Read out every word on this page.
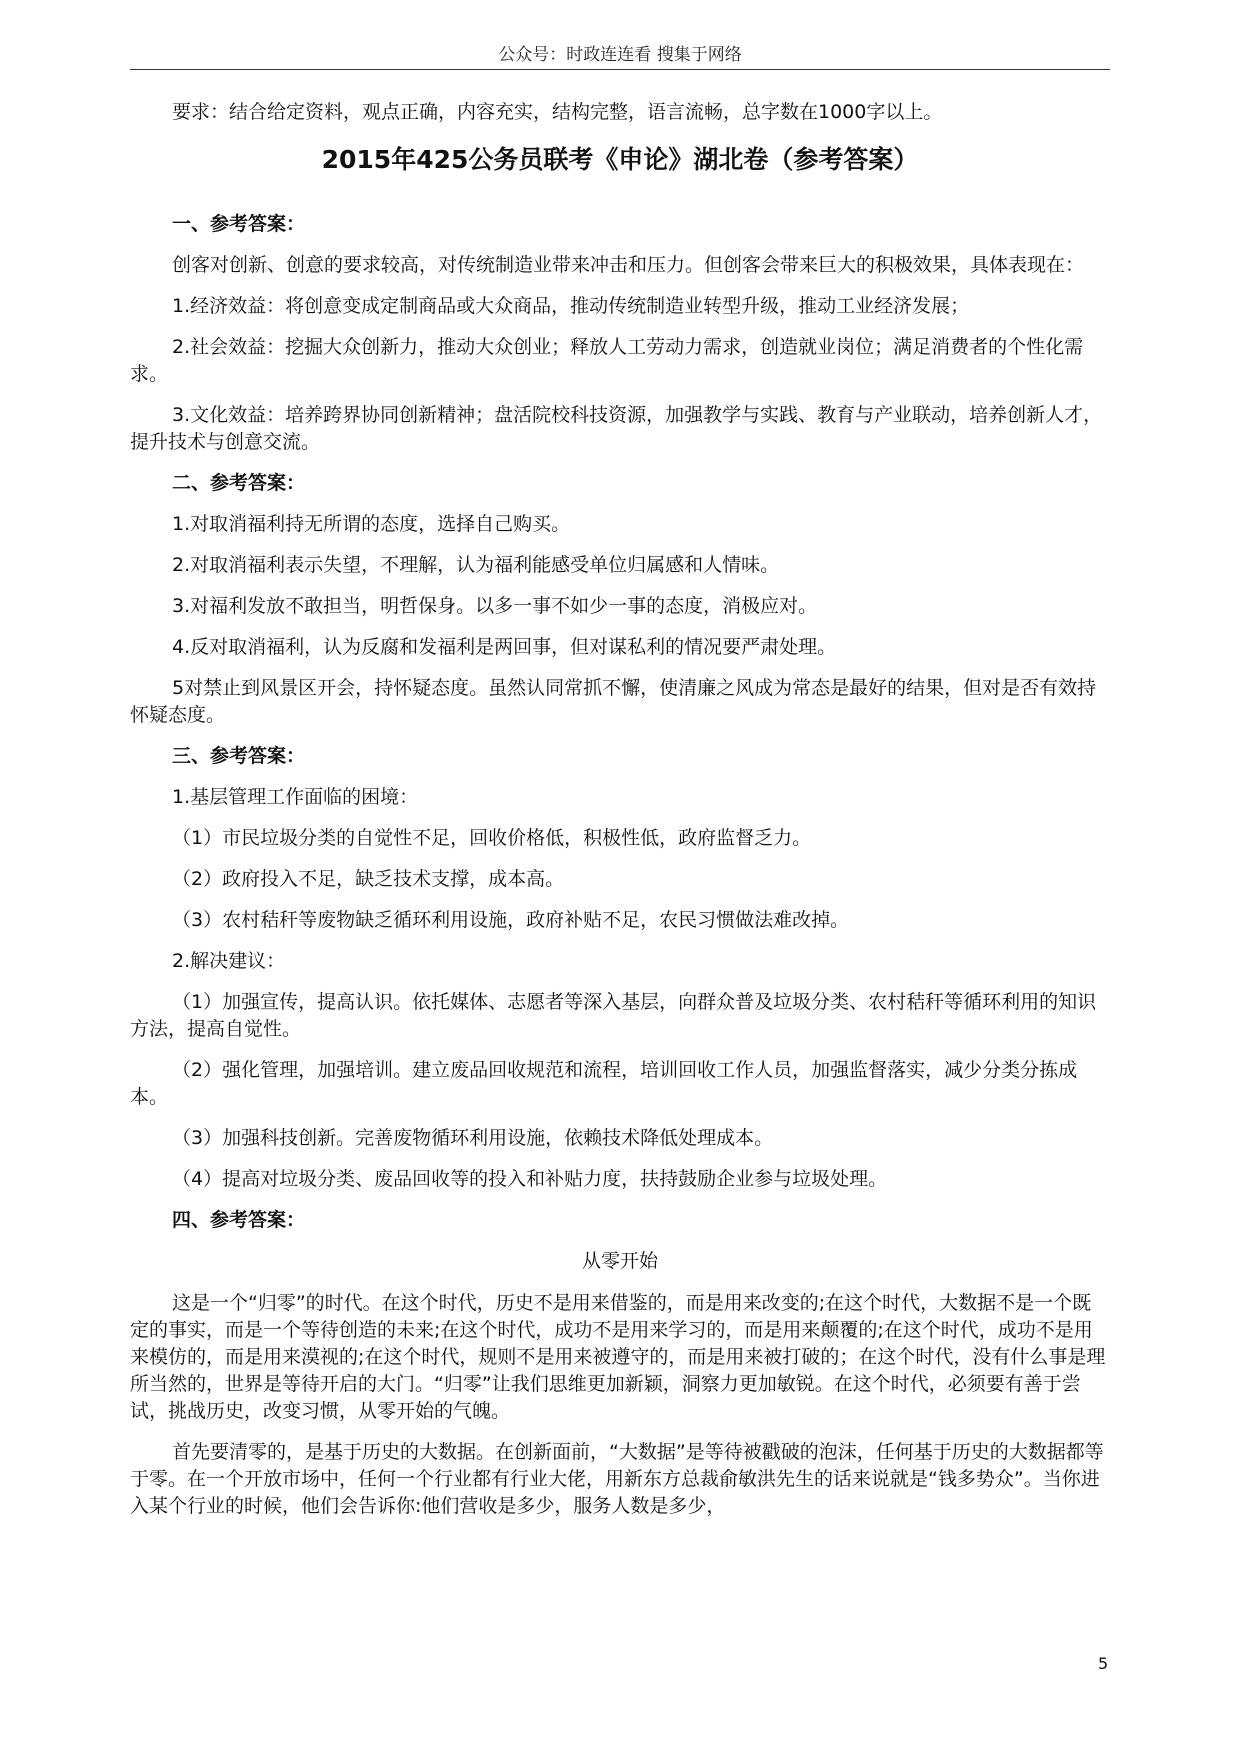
公众号：时政连连看 搜集于网络

要求：结合给定资料，观点正确，内容充实，结构完整，语言流畅，总字数在1000字以上。

2015年425公务员联考《申论》湖北卷（参考答案）

一、参考答案：

创客对创新、创意的要求较高，对传统制造业带来冲击和压力。但创客会带来巨大的积极效果，具体表现在：

1.经济效益：将创意变成定制商品或大众商品，推动传统制造业转型升级，推动工业经济发展；

2.社会效益：挖掘大众创新力，推动大众创业；释放人工劳动力需求，创造就业岗位；满足消费者的个性化需求。

3.文化效益：培养跨界协同创新精神；盘活院校科技资源，加强教学与实践、教育与产业联动，培养创新人才，提升技术与创意交流。

二、参考答案：

1.对取消福利持无所谓的态度，选择自己购买。

2.对取消福利表示失望，不理解，认为福利能感受单位归属感和人情味。

3.对福利发放不敢担当，明哲保身。以多一事不如少一事的态度，消极应对。

4.反对取消福利，认为反腐和发福利是两回事，但对谋私利的情况要严肃处理。

5对禁止到风景区开会，持怀疑态度。虽然认同常抓不懈，使清廉之风成为常态是最好的结果，但对是否有效持怀疑态度。

三、参考答案：

1.基层管理工作面临的困境：

（1）市民垃圾分类的自觉性不足，回收价格低，积极性低，政府监督乏力。

（2）政府投入不足，缺乏技术支撑，成本高。

（3）农村秸秆等废物缺乏循环利用设施，政府补贴不足，农民习惯做法难改掉。

2.解决建议：

（1）加强宣传，提高认识。依托媒体、志愿者等深入基层，向群众普及垃圾分类、农村秸秆等循环利用的知识方法，提高自觉性。

（2）强化管理，加强培训。建立废品回收规范和流程，培训回收工作人员，加强监督落实，减少分类分拣成本。

（3）加强科技创新。完善废物循环利用设施，依赖技术降低处理成本。

（4）提高对垃圾分类、废品回收等的投入和补贴力度，扶持鼓励企业参与垃圾处理。

四、参考答案：

从零开始

这是一个“归零”的时代。在这个时代，历史不是用来借鉴的，而是用来改变的;在这个时代，大数据不是一个既定的事实，而是一个等待创造的未来;在这个时代，成功不是用来学习的，而是用来颠覆的;在这个时代，成功不是用来模仿的，而是用来漠视的;在这个时代，规则不是用来被遵守的，而是用来被打破的；在这个时代，没有什么事是理所当然的，世界是等待开启的大门。“归零”让我们思维更加新颖，洞察力更加敏锐。在这个时代，必须要有善于尝试，挑战历史，改变习惯，从零开始的气魄。

首先要清零的，是基于历史的大数据。在创新面前，“大数据”是等待被戳破的泡沫，任何基于历史的大数据都等于零。在一个开放市场中，任何一个行业都有行业大佬，用新东方总裁俞敏洪先生的话来说就是“钱多势众”。当你进入某个行业的时候，他们会告诉你:他们营收是多少，服务人数是多少，

5
